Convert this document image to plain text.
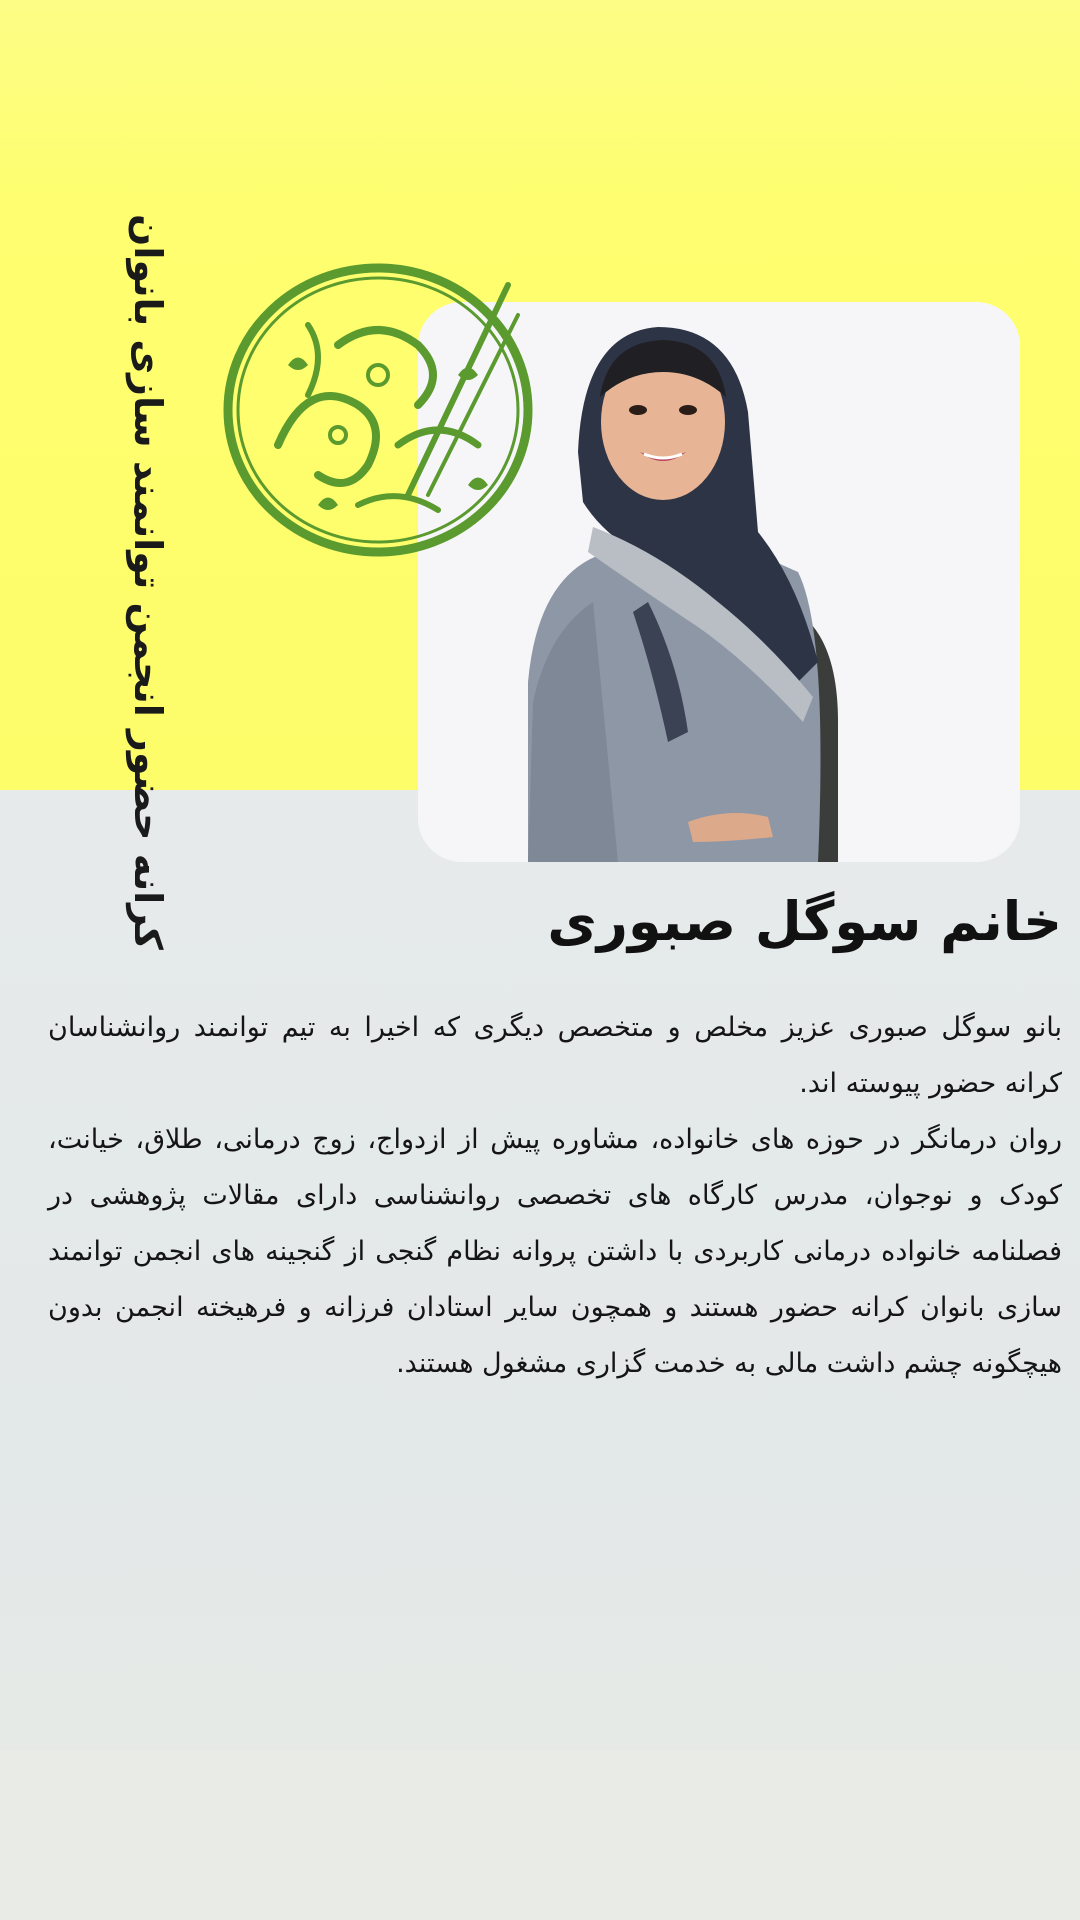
کرانه حضور انجمن توانمند سازی بانوان	خانم سوگل صبوری

بانو سوگل صبوری عزیز مخلص و متخصص دیگری که اخیرا به تیم توانمند روانشناسان کرانه حضور پیوسته اند.

روان درمانگر در حوزه های خانواده، مشاوره پیش از ازدواج، زوج درمانی، طلاق، خیانت، کودک و نوجوان، مدرس کارگاه های تخصصی روانشناسی دارای مقالات پژوهشی در فصلنامه خانواده درمانی کاربردی با داشتن پروانه نظام گنجی از گنجینه های انجمن توانمند سازی بانوان کرانه حضور هستند و همچون سایر استادان فرزانه و فرهیخته انجمن بدون هیچگونه چشم داشت مالی به خدمت گزاری مشغول هستند.
